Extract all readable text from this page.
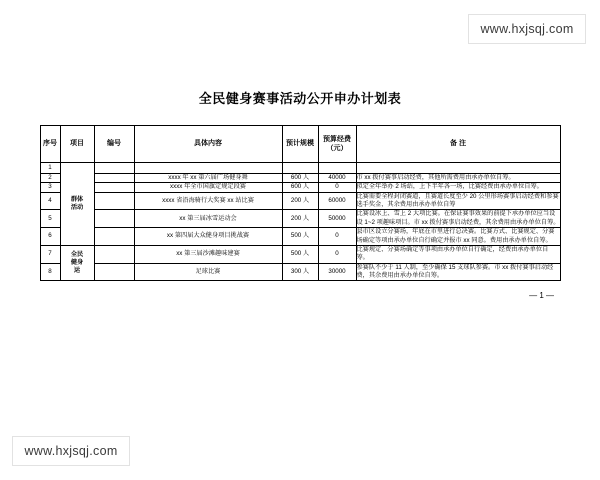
www.hxjsqj.com
全民健身赛事活动公开申办计划表
序号	项目	编号	具体内容	预计规模	预算经费（元）	备 注
1	群体活动					

2			xxxx 年 xx 第六届广场健身舞	600 人	40000	市 xx 拨付赛事启动经费，其他所需费用由承办单位自筹。
3			xxxx 年全市国旗定规定段赛	600 人	0	拟定全年举办 2 场站，上下半年各一场，比赛经费由承办单位自筹。
4			xxxx 省沿海骑行大奖赛 xx 站比赛	200 人	60000	比赛需要全程封闭赛道，且赛道长度至少 20 公里形场赛事启动经费和参赛选手奖金，其余费用由承办单位自筹
5			xx 第三届冰雪运动会	200 人	50000	比赛设冰上、雪上 2 大项比赛。在保证赛事效果的前提下承办单位应当设设 1~2 项趣味项目。市 xx 拨付赛事启动经费，其余费用由承办单位自筹。
6			xx 第四届大众健身项目挑战赛	500 人	0	县市区设立分赛场，年底在市里进行总决赛。比赛方式、比赛规定、分赛场确定等项由承办单位自行确定并报市 xx 同意。费用由承办单位自筹。
7	全民健身运		xx 第三届沙滩趣味建赛	500 人	0	比赛规定、分赛场确定等事项由承办单位自行确定，经费由承办单位自筹。
8			足球比赛	300 人	30000	参赛队不少于 11 人制，至少确保 15 支球队参赛。市 xx 拨付赛事启动经费，其余费用由承办单位自筹。
— 1 —
www.hxjsqj.com
